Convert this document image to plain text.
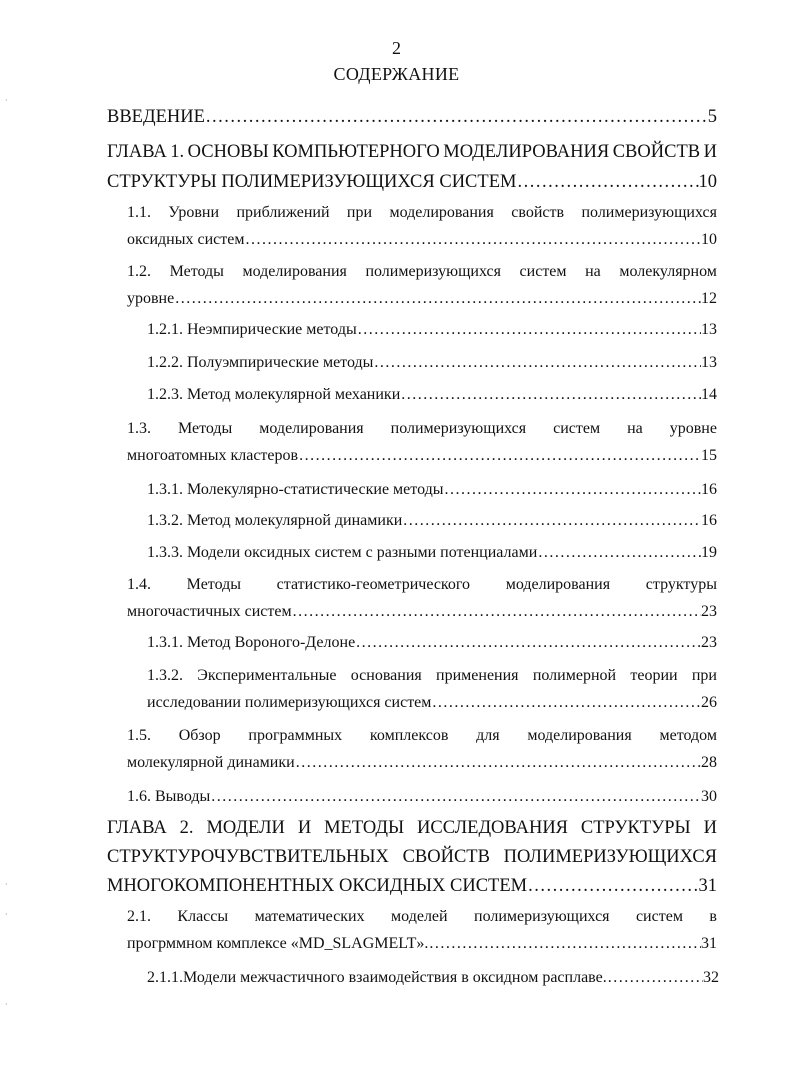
2
СОДЕРЖАНИЕ
ВВЕДЕНИЕ .....	5
ГЛАВА 1. ОСНОВЫ КОМПЬЮТЕРНОГО МОДЕЛИРОВАНИЯ СВОЙСТВ И
СТРУКТУРЫ ПОЛИМЕРИЗУЮЩИХСЯ СИСТЕМ .....	10
1.1. Уровни приближений при моделирования свойств полимеризующихся
оксидных систем .....	10
1.2. Методы моделирования полимеризующихся систем на молекулярном
уровне .....	12
1.2.1. Неэмпирические методы .....	13
1.2.2. Полуэмпирические методы .....	13
1.2.3. Метод молекулярной механики .....	14
1.3. Методы моделирования полимеризующихся систем на уровне
многоатомных кластеров .....	15
1.3.1. Молекулярно-статистические методы .....	16
1.3.2. Метод молекулярной динамики .....	16
1.3.3. Модели оксидных систем с разными потенциалами .....	19
1.4. Методы статистико-геометрического моделирования структуры
многочастичных систем .....	23
1.3.1. Метод Вороного-Делоне .....	23
1.3.2. Экспериментальные основания применения полимерной теории при
исследовании полимеризующихся систем .....	26
1.5. Обзор программных комплексов для моделирования методом
молекулярной динамики .....	28
1.6. Выводы .....	30
ГЛАВА 2. МОДЕЛИ И МЕТОДЫ ИССЛЕДОВАНИЯ СТРУКТУРЫ И
СТРУКТУРОЧУВСТВИТЕЛЬНЫХ СВОЙСТВ ПОЛИМЕРИЗУЮЩИХСЯ
МНОГОКОМПОНЕНТНЫХ ОКСИДНЫХ СИСТЕМ .....	31
2.1. Классы математических моделей полимеризующихся систем в
прогрммном комплексе «MD_SLAGMELT». .....	31
2.1.1.Модели межчастичного взаимодействия в оксидном расплаве. .....	32
·
·
·
·
